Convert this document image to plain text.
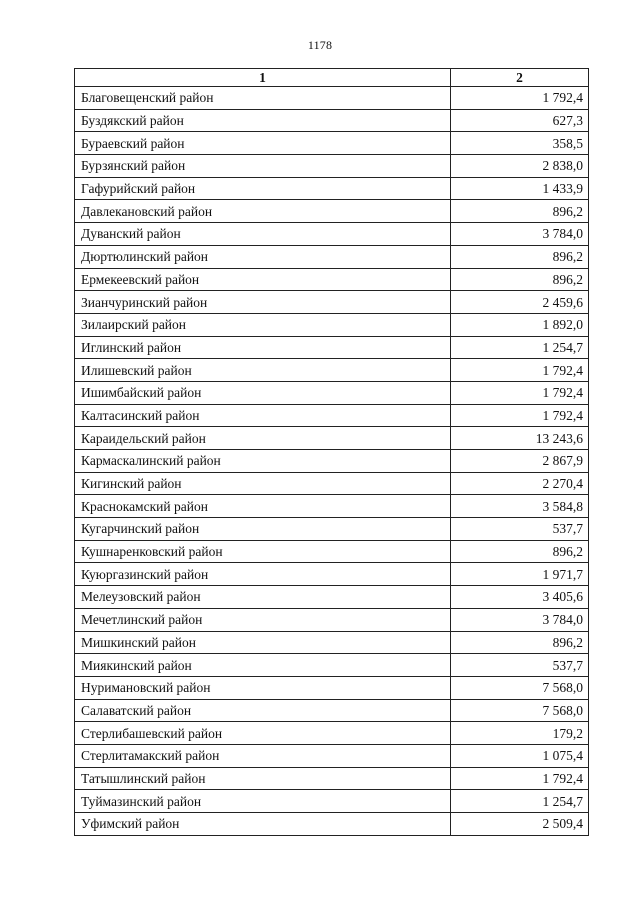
1178
1	2
Благовещенский район	1 792,4
Буздякский район	627,3
Бураевский район	358,5
Бурзянский район	2 838,0
Гафурийский район	1 433,9
Давлекановский район	896,2
Дуванский район	3 784,0
Дюртюлинский район	896,2
Ермекеевский район	896,2
Зианчуринский район	2 459,6
Зилаирский район	1 892,0
Иглинский район	1 254,7
Илишевский район	1 792,4
Ишимбайский район	1 792,4
Калтасинский район	1 792,4
Караидельский район	13 243,6
Кармаскалинский район	2 867,9
Кигинский район	2 270,4
Краснокамский район	3 584,8
Кугарчинский район	537,7
Кушнаренковский район	896,2
Куюргазинский район	1 971,7
Мелеузовский район	3 405,6
Мечетлинский район	3 784,0
Мишкинский район	896,2
Миякинский район	537,7
Нуримановский район	7 568,0
Салаватский район	7 568,0
Стерлибашевский район	179,2
Стерлитамакский район	1 075,4
Татышлинский район	1 792,4
Туймазинский район	1 254,7
Уфимский район	2 509,4
